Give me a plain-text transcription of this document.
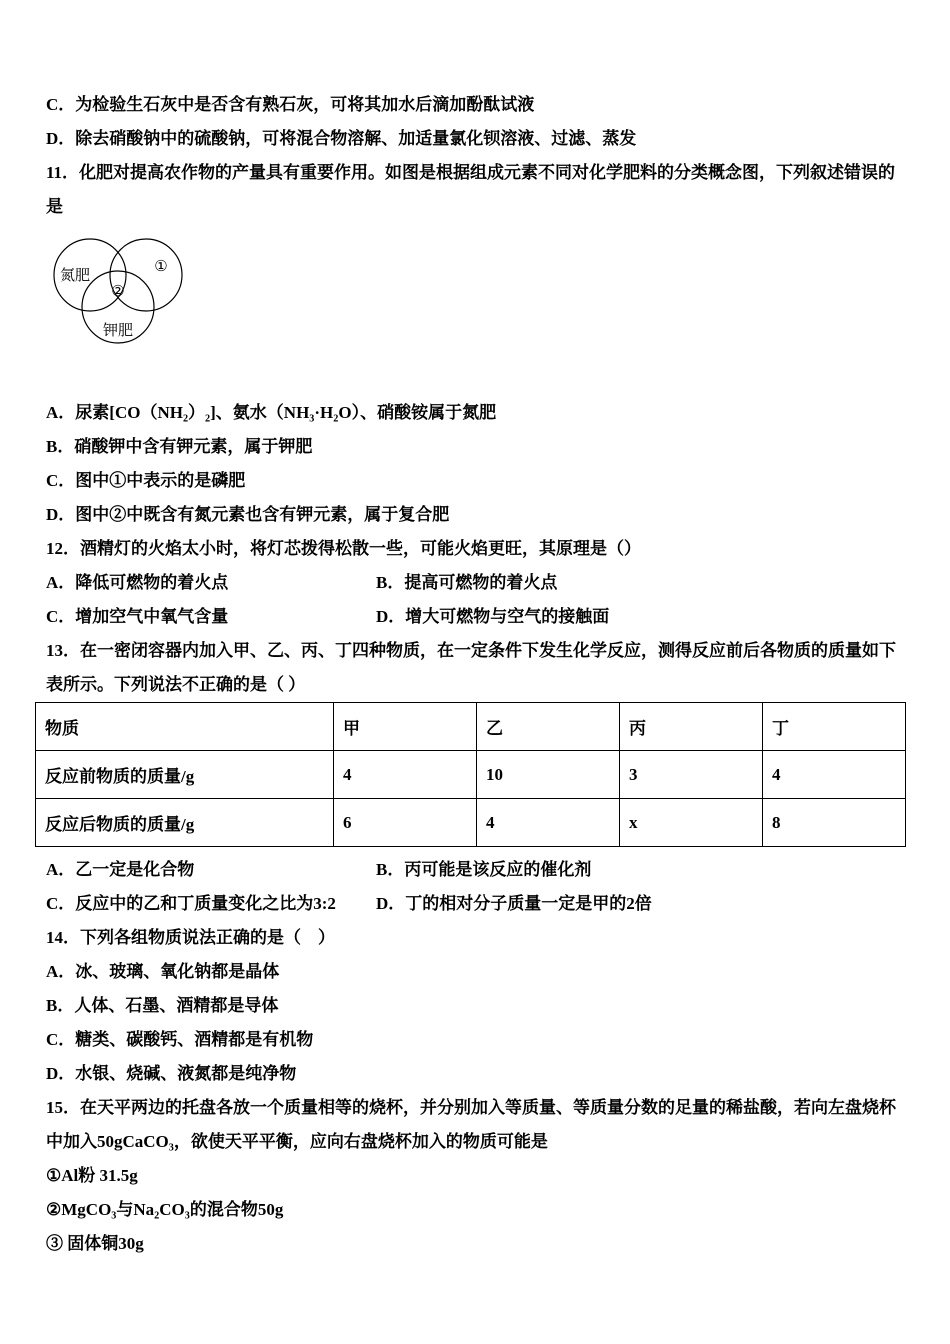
C．为检验生石灰中是否含有熟石灰，可将其加水后滴加酚酞试液

D．除去硝酸钠中的硫酸钠，可将混合物溶解、加适量氯化钡溶液、过滤、蒸发

11．化肥对提高农作物的产量具有重要作用。如图是根据组成元素不同对化学肥料的分类概念图，下列叙述错误的是

氮肥
①
②
钾肥

A．尿素[CO（NH₂）₂]、氨水（NH₃·H₂O）、硝酸铵属于氮肥

B．硝酸钾中含有钾元素，属于钾肥

C．图中①中表示的是磷肥

D．图中②中既含有氮元素也含有钾元素，属于复合肥

12．酒精灯的火焰太小时，将灯芯拨得松散一些，可能火焰更旺，其原理是（）

A．降低可燃物的着火点	B．提高可燃物的着火点
C．增加空气中氧气含量	D．增大可燃物与空气的接触面

13．在一密闭容器内加入甲、乙、丙、丁四种物质，在一定条件下发生化学反应，测得反应前后各物质的质量如下表所示。下列说法不正确的是（ ）

物质	甲	乙	丙	丁
反应前物质的质量/g	4	10	3	4
反应后物质的质量/g	6	4	x	8
A．乙一定是化合物	B．丙可能是该反应的催化剂
C．反应中的乙和丁质量变化之比为3:2	D．丁的相对分子质量一定是甲的2倍

14．下列各组物质说法正确的是（　）

A．冰、玻璃、氧化钠都是晶体

B．人体、石墨、酒精都是导体

C．糖类、碳酸钙、酒精都是有机物

D．水银、烧碱、液氮都是纯净物

15．在天平两边的托盘各放一个质量相等的烧杯，并分别加入等质量、等质量分数的足量的稀盐酸，若向左盘烧杯中加入50gCaCO₃，欲使天平平衡，应向右盘烧杯加入的物质可能是

①Al粉 31.5g

②MgCO₃与Na₂CO₃的混合物50g

③ 固体铜30g
